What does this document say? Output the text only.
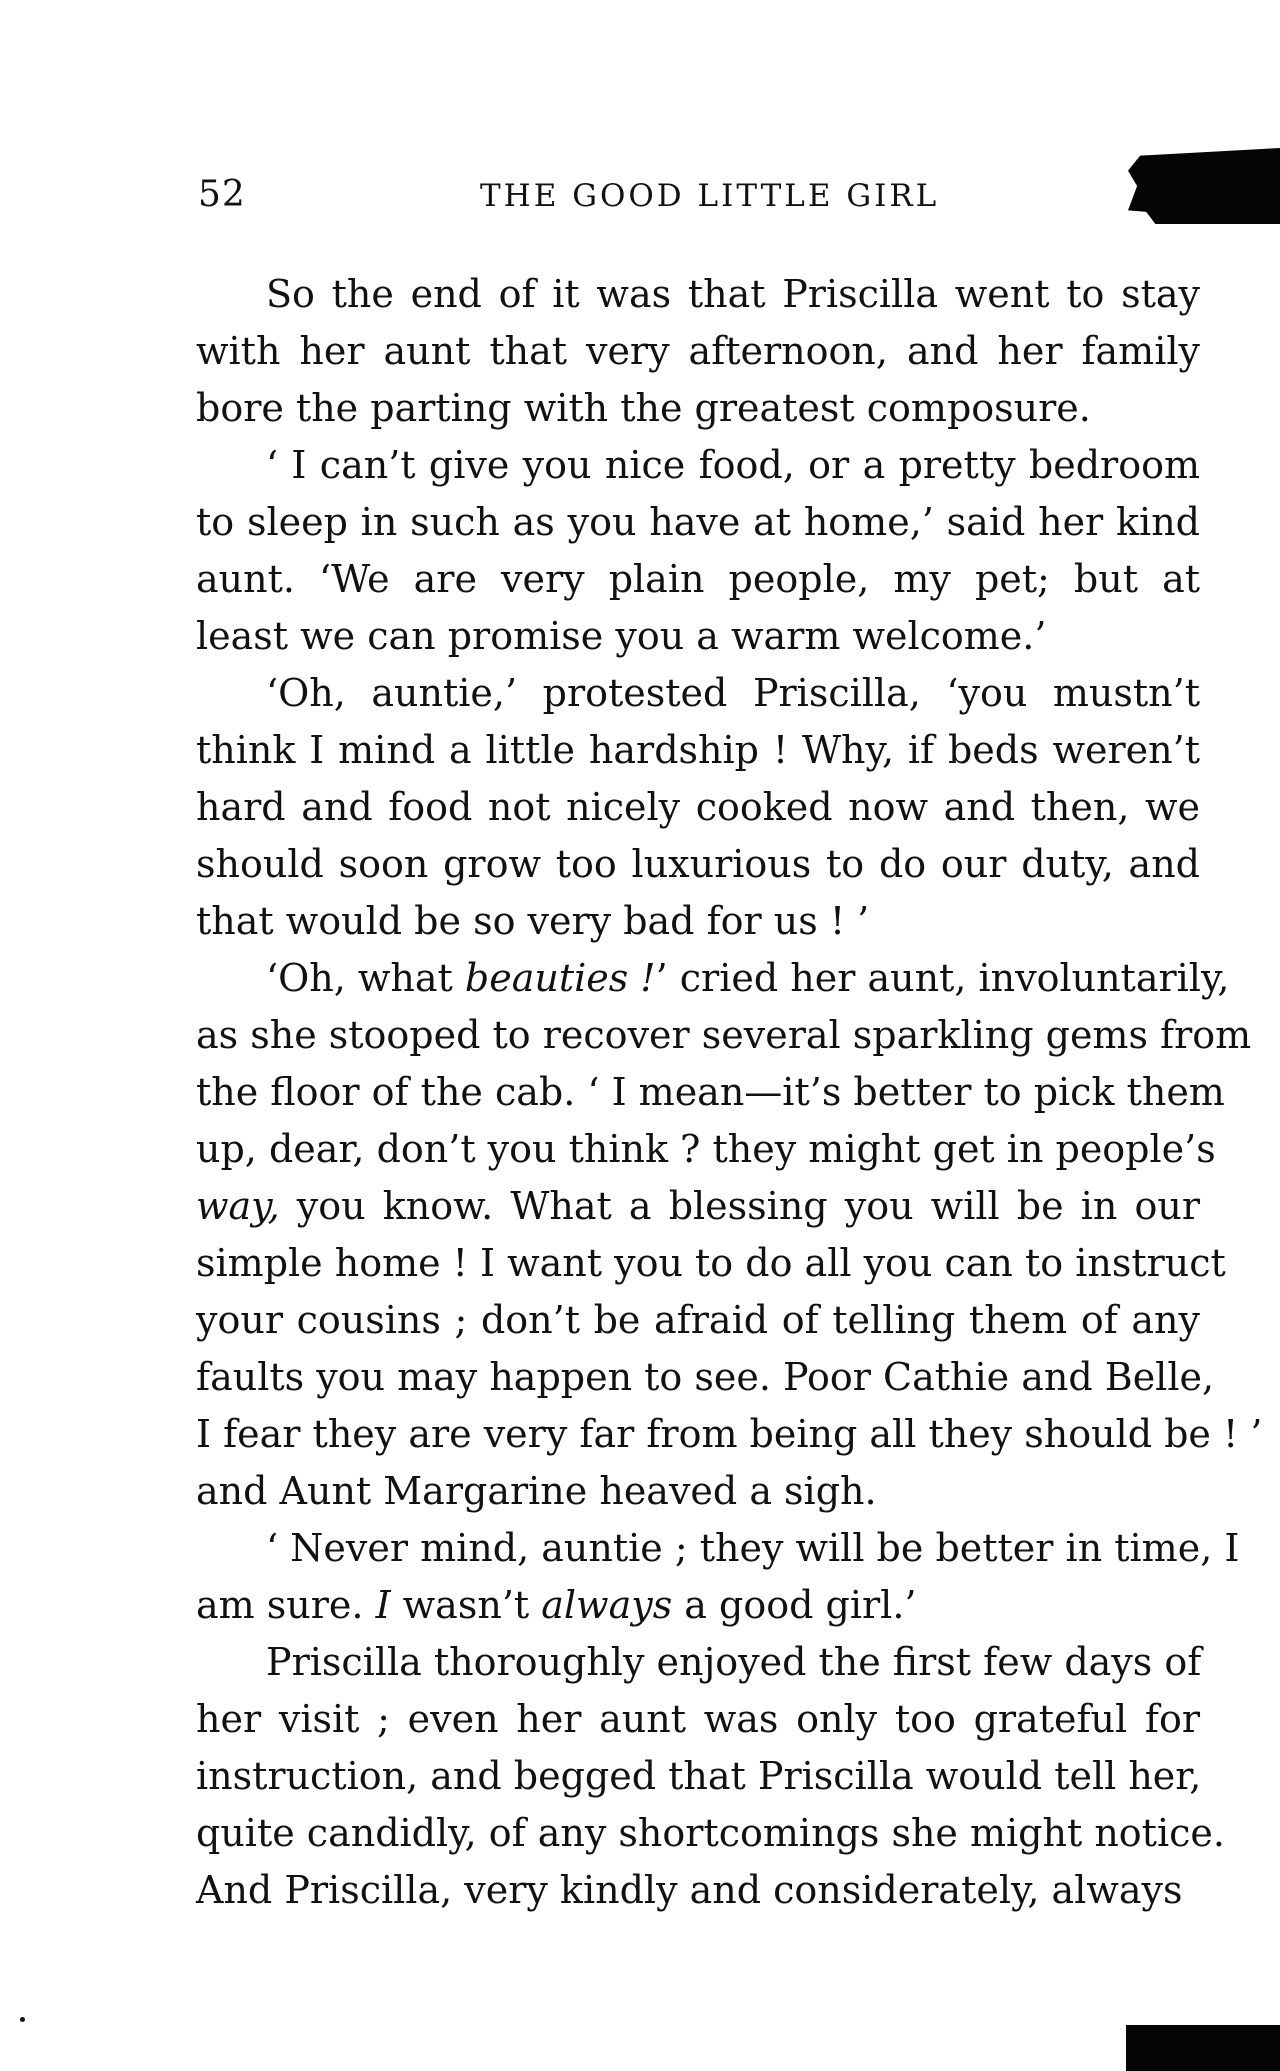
52	THE GOOD LITTLE GIRL
So the end of it was that Priscilla went to stay
with her aunt that very afternoon, and her family
bore the parting with the greatest composure.
‘ I can’t give you nice food, or a pretty bedroom
to sleep in such as you have at home,’ said her kind
aunt. ‘We are very plain people, my pet; but at
least we can promise you a warm welcome.’
‘Oh, auntie,’ protested Priscilla, ‘you mustn’t
think I mind a little hardship ! Why, if beds weren’t
hard and food not nicely cooked now and then, we
should soon grow too luxurious to do our duty, and
that would be so very bad for us ! ’
‘Oh, what beauties !’ cried her aunt, involuntarily,
as she stooped to recover several sparkling gems from
the floor of the cab. ‘ I mean—it’s better to pick them
up, dear, don’t you think ? they might get in people’s
way, you know. What a blessing you will be in our
simple home ! I want you to do all you can to instruct
your cousins ; don’t be afraid of telling them of any
faults you may happen to see. Poor Cathie and Belle,
I fear they are very far from being all they should be ! ’
and Aunt Margarine heaved a sigh.
‘ Never mind, auntie ; they will be better in time, I
am sure. I wasn’t always a good girl.’
Priscilla thoroughly enjoyed the first few days of
her visit ; even her aunt was only too grateful for
instruction, and begged that Priscilla would tell her,
quite candidly, of any shortcomings she might notice.
And Priscilla, very kindly and considerately, always
